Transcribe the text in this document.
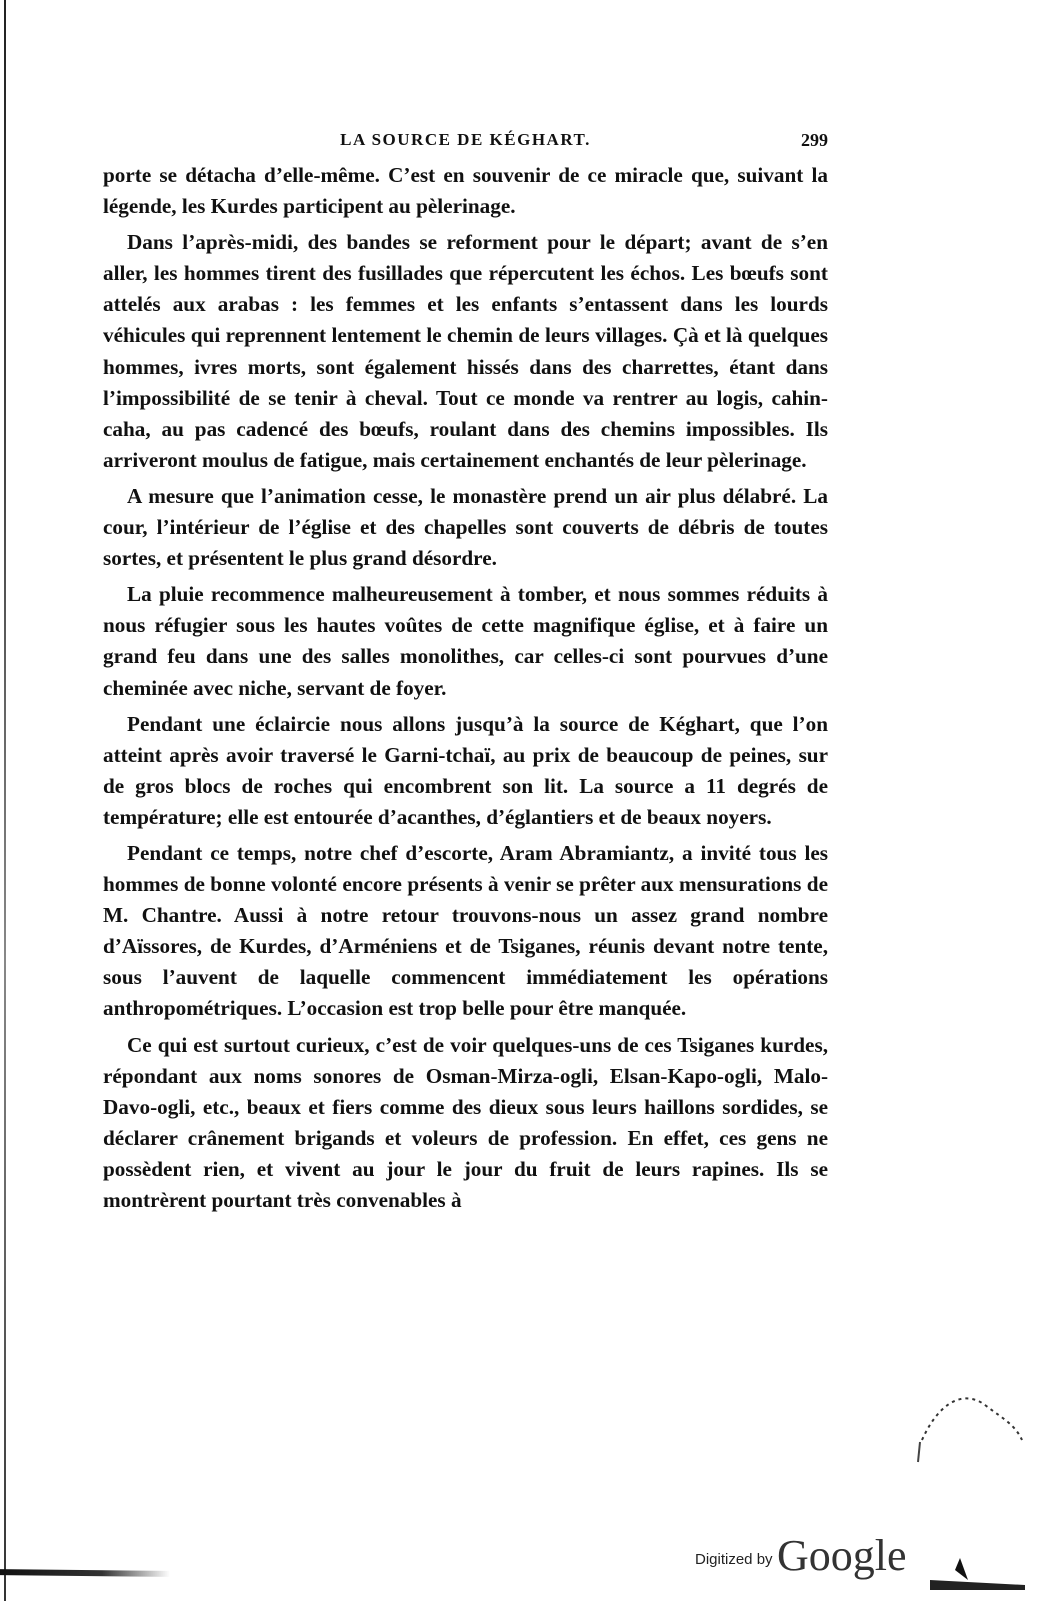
LA SOURCE DE KÉGHART.	299

porte se détacha d’elle-même. C’est en souvenir de ce miracle que, suivant la légende, les Kurdes participent au pèlerinage.

Dans l’après-midi, des bandes se reforment pour le départ; avant de s’en aller, les hommes tirent des fusillades que répercutent les échos. Les bœufs sont attelés aux arabas : les femmes et les enfants s’entassent dans les lourds véhicules qui reprennent lentement le chemin de leurs villages. Çà et là quelques hommes, ivres morts, sont également hissés dans des charrettes, étant dans l’impossibilité de se tenir à cheval. Tout ce monde va rentrer au logis, cahin-caha, au pas cadencé des bœufs, roulant dans des chemins impossibles. Ils arriveront moulus de fatigue, mais certainement enchantés de leur pèlerinage.

A mesure que l’animation cesse, le monastère prend un air plus délabré. La cour, l’intérieur de l’église et des chapelles sont couverts de débris de toutes sortes, et présentent le plus grand désordre.

La pluie recommence malheureusement à tomber, et nous sommes réduits à nous réfugier sous les hautes voûtes de cette magnifique église, et à faire un grand feu dans une des salles monolithes, car celles-ci sont pourvues d’une cheminée avec niche, servant de foyer.

Pendant une éclaircie nous allons jusqu’à la source de Kéghart, que l’on atteint après avoir traversé le Garni-tchaï, au prix de beaucoup de peines, sur de gros blocs de roches qui encombrent son lit. La source a 11 degrés de température; elle est entourée d’acanthes, d’églantiers et de beaux noyers.

Pendant ce temps, notre chef d’escorte, Aram Abramiantz, a invité tous les hommes de bonne volonté encore présents à venir se prêter aux mensurations de M. Chantre. Aussi à notre retour trouvons-nous un assez grand nombre d’Aïssores, de Kurdes, d’Arméniens et de Tsiganes, réunis devant notre tente, sous l’auvent de laquelle commencent immédiatement les opérations anthropométriques. L’occasion est trop belle pour être manquée.

Ce qui est surtout curieux, c’est de voir quelques-uns de ces Tsiganes kurdes, répondant aux noms sonores de Osman-Mirza-ogli, Elsan-Kapo-ogli, Malo-Davo-ogli, etc., beaux et fiers comme des dieux sous leurs haillons sordides, se déclarer crânement brigands et voleurs de profession. En effet, ces gens ne possèdent rien, et vivent au jour le jour du fruit de leurs rapines. Ils se montrèrent pourtant très convenables à

Digitized by Google
